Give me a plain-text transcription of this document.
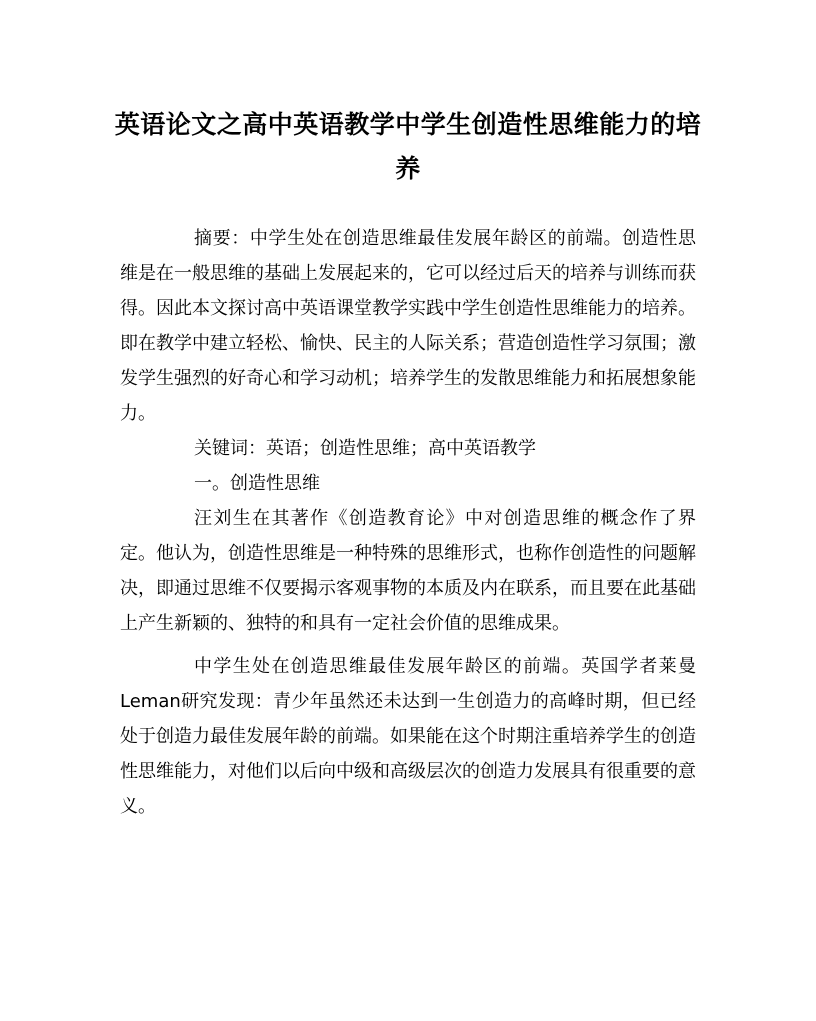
英语论文之高中英语教学中学生创造性思维能力的培养

摘要：中学生处在创造思维最佳发展年龄区的前端。创造性思维是在一般思维的基础上发展起来的，它可以经过后天的培养与训练而获得。因此本文探讨高中英语课堂教学实践中学生创造性思维能力的培养。即在教学中建立轻松、愉快、民主的人际关系；营造创造性学习氛围；激发学生强烈的好奇心和学习动机；培养学生的发散思维能力和拓展想象能力。

关键词：英语；创造性思维；高中英语教学

一。创造性思维

汪刘生在其著作《创造教育论》中对创造思维的概念作了界定。他认为，创造性思维是一种特殊的思维形式，也称作创造性的问题解决，即通过思维不仅要揭示客观事物的本质及内在联系，而且要在此基础上产生新颖的、独特的和具有一定社会价值的思维成果。

中学生处在创造思维最佳发展年龄区的前端。英国学者莱曼Leman研究发现：青少年虽然还未达到一生创造力的高峰时期，但已经处于创造力最佳发展年龄的前端。如果能在这个时期注重培养学生的创造性思维能力，对他们以后向中级和高级层次的创造力发展具有很重要的意义。
